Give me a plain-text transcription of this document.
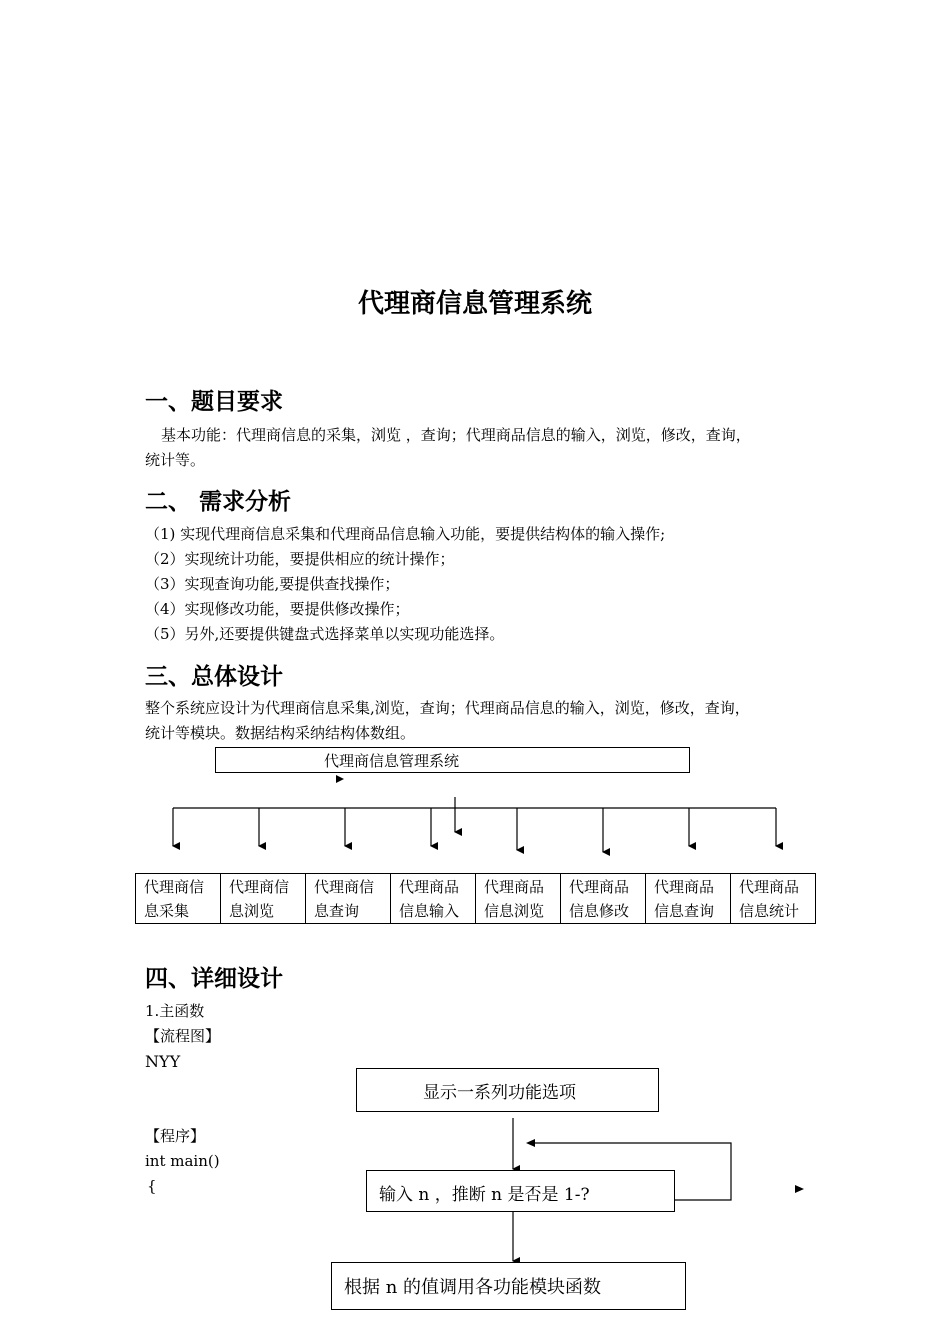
代理商信息管理系统
一、题目要求
基本功能：代理商信息的采集，浏览 ，查询；代理商品信息的输入，浏览，修改，查询，
统计等。
二、 需求分析
（1) 实现代理商信息采集和代理商品信息输入功能，要提供结构体的输入操作;
（2）实现统计功能，要提供相应的统计操作；
（3）实现查询功能,要提供查找操作；
（4）实现修改功能，要提供修改操作；
（5）另外,还要提供键盘式选择菜单以实现功能选择。
三、总体设计
整个系统应设计为代理商信息采集,浏览，查询；代理商品信息的输入，浏览，修改，查询，
统计等模块。数据结构采纳结构体数组。
代理商信息管理系统
代理商信息采集	代理商信息浏览	代理商信息查询	代理商品信息输入	代理商品信息浏览	代理商品信息修改	代理商品信息查询	代理商品信息统计
四、详细设计
1.主函数
【流程图】
NYY
【程序】
int main()
{
显示一系列功能选项
输入 n ，推断 n 是否是 1-?
根据 n 的值调用各功能模块函数
